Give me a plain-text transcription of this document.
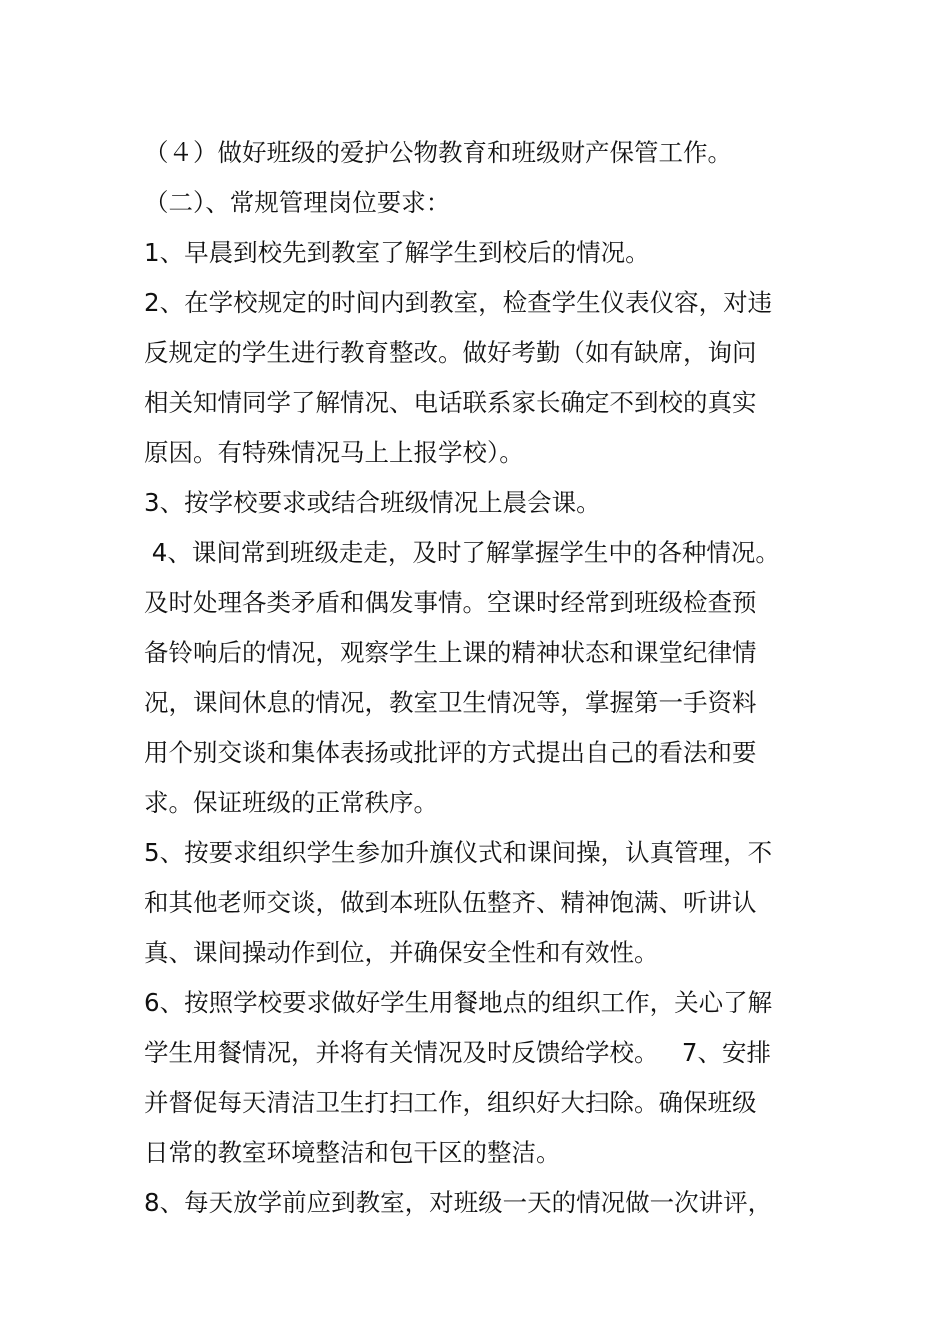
（４）做好班级的爱护公物教育和班级财产保管工作。
（二）、常规管理岗位要求：
1、早晨到校先到教室了解学生到校后的情况。
2、在学校规定的时间内到教室，检查学生仪表仪容，对违
反规定的学生进行教育整改。做好考勤（如有缺席，询问
相关知情同学了解情况、电话联系家长确定不到校的真实
原因。有特殊情况马上上报学校）。
3、按学校要求或结合班级情况上晨会课。
4、课间常到班级走走，及时了解掌握学生中的各种情况。
及时处理各类矛盾和偶发事情。空课时经常到班级检查预
备铃响后的情况，观察学生上课的精神状态和课堂纪律情
况，课间休息的情况，教室卫生情况等，掌握第一手资料
用个别交谈和集体表扬或批评的方式提出自己的看法和要
求。保证班级的正常秩序。
5、按要求组织学生参加升旗仪式和课间操，认真管理，不
和其他老师交谈，做到本班队伍整齐、精神饱满、听讲认
真、课间操动作到位，并确保安全性和有效性。
6、按照学校要求做好学生用餐地点的组织工作，关心了解
学生用餐情况，并将有关情况及时反馈给学校。   7、安排
并督促每天清洁卫生打扫工作，组织好大扫除。确保班级
日常的教室环境整洁和包干区的整洁。
8、每天放学前应到教室，对班级一天的情况做一次讲评，
